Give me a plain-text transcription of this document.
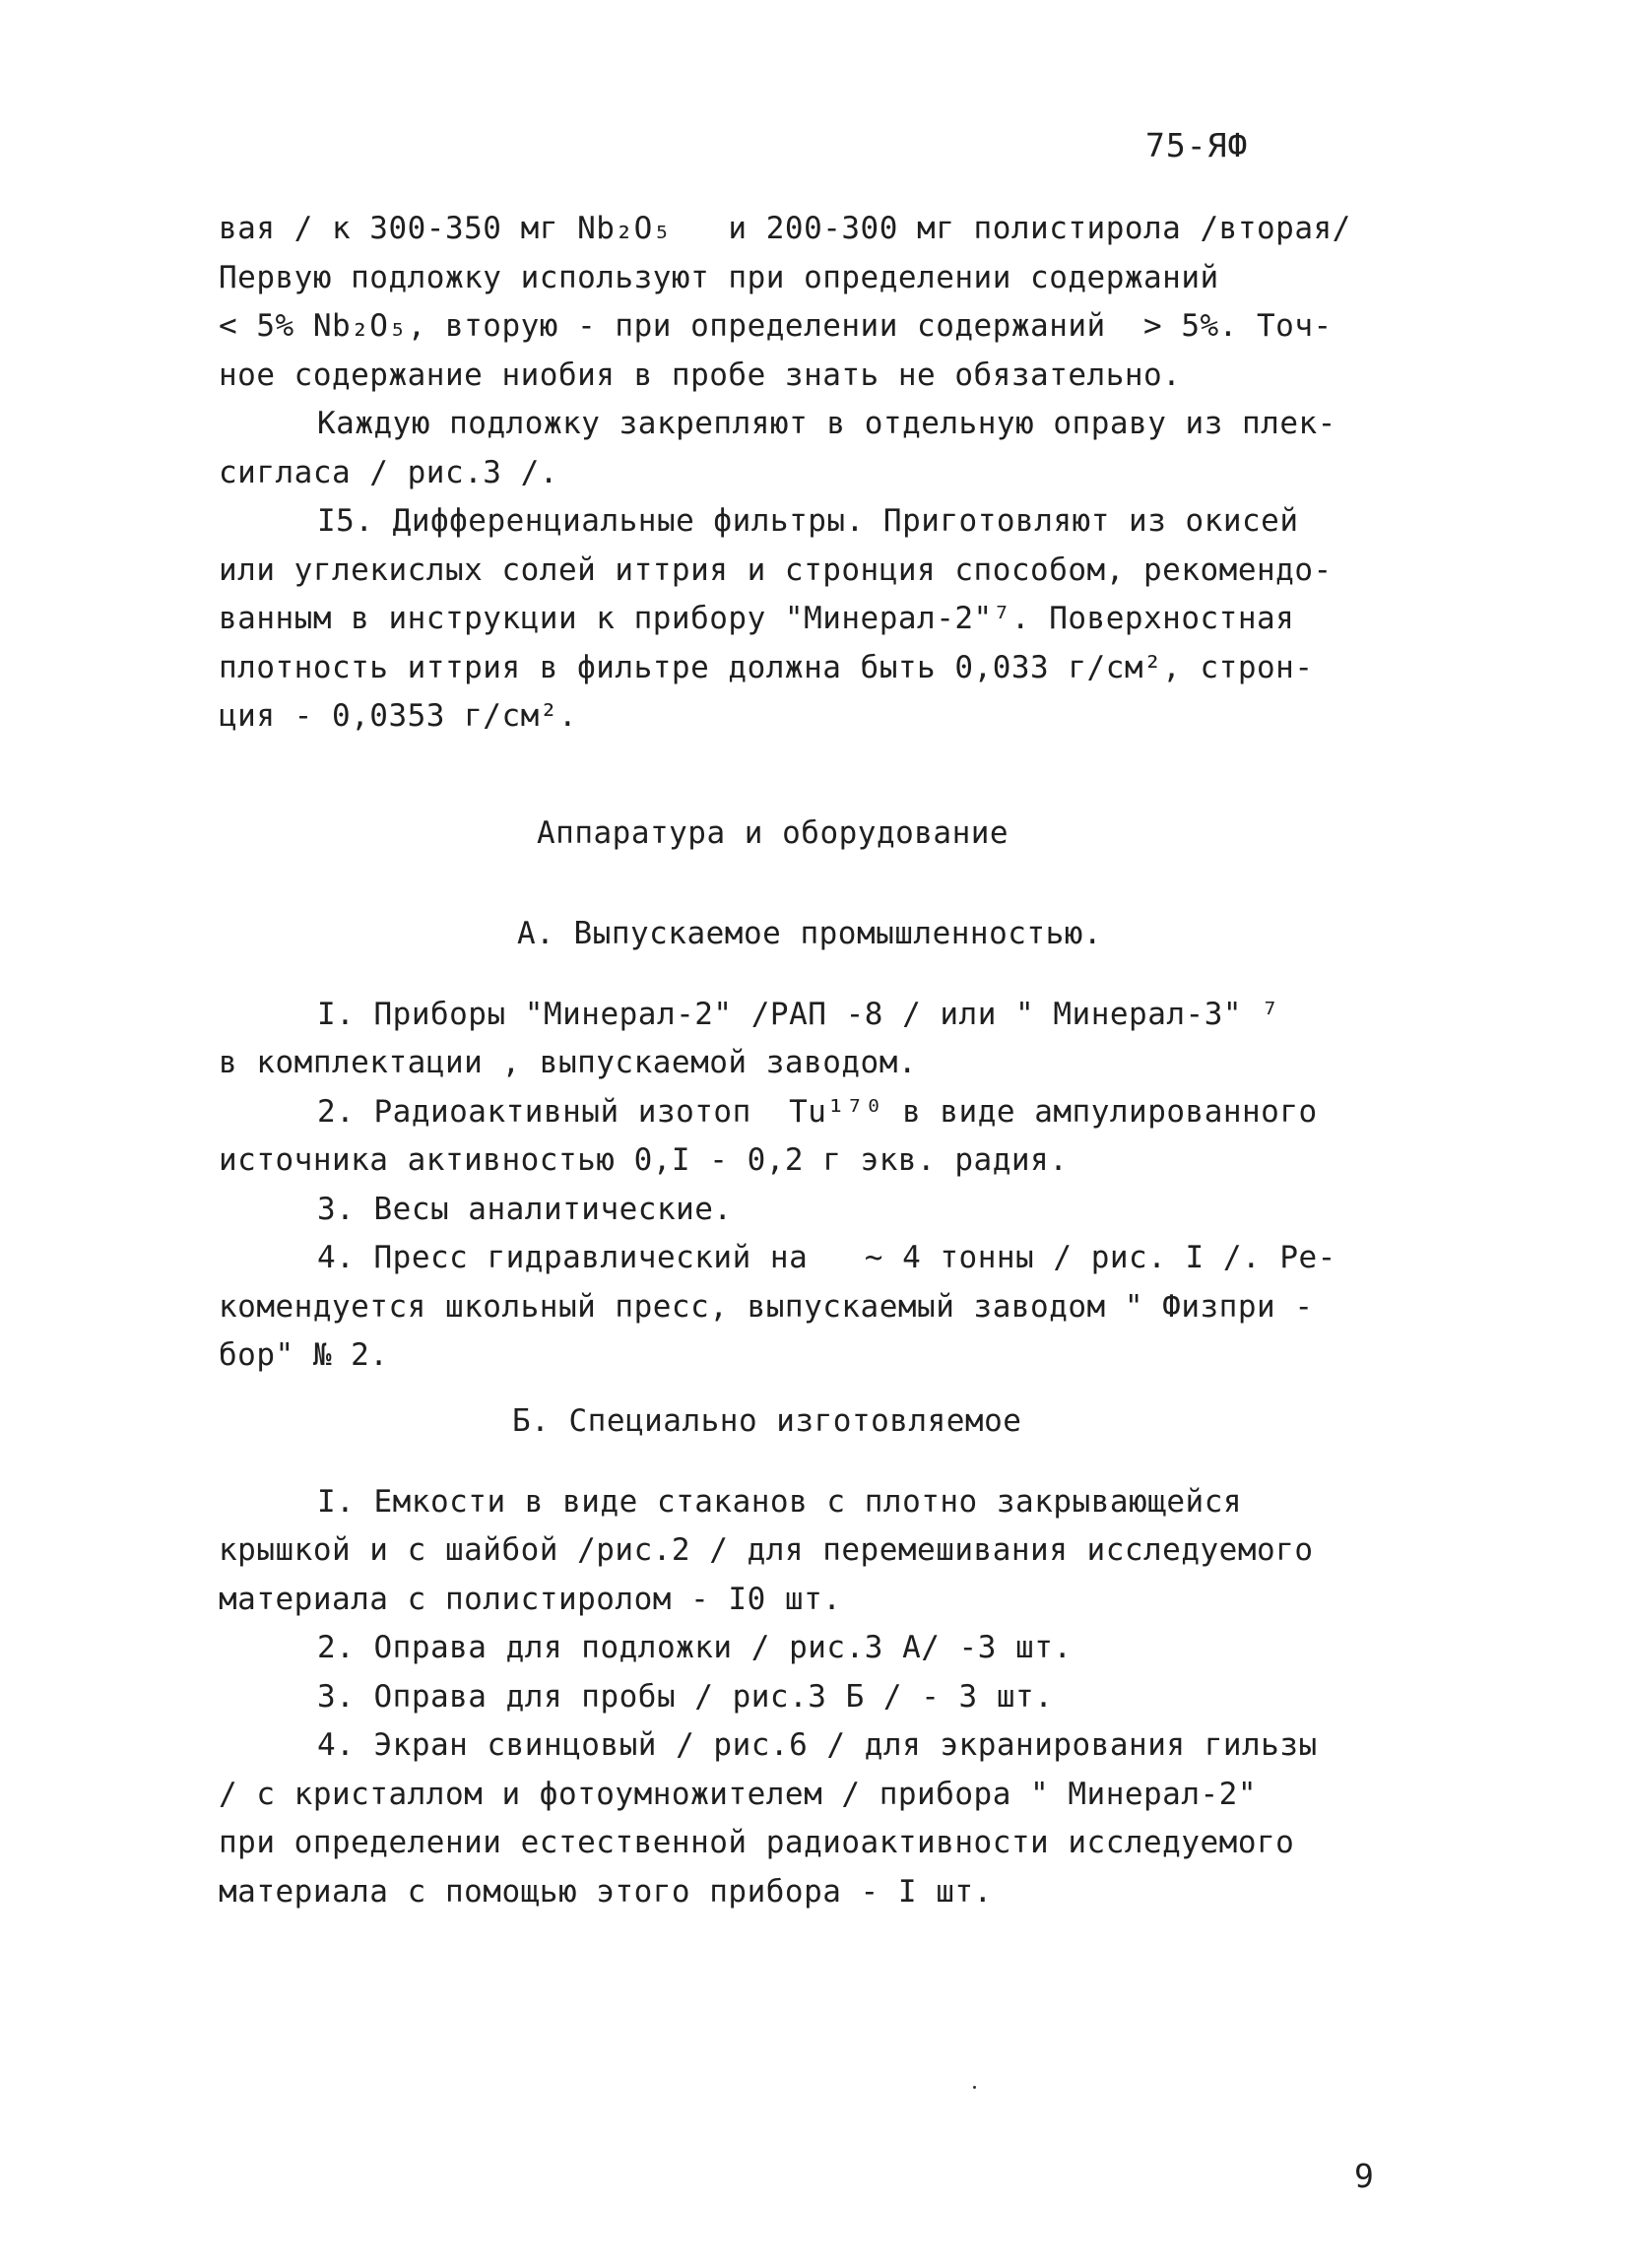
75-ЯФ
вая / к 300-350 мг Nb₂O₅   и 200-300 мг полистирола /вторая/
Первую подложку используют при определении содержаний
< 5% Nb₂O₅, вторую - при определении содержаний  > 5%. Точ-
ное содержание ниобия в пробе знать не обязательно.
Каждую подложку закрепляют в отдельную оправу из плек-
сигласа / рис.3 /.
I5. Дифференциальные фильтры. Приготовляют из окисей
или углекислых солей иттрия и стронция способом, рекомендо-
ванным в инструкции к прибору "Минерал-2"⁷. Поверхностная
плотность иттрия в фильтре должна быть 0,033 г/см², строн-
ция - 0,0353 г/см².
Аппаратура и оборудование
А. Выпускаемое промышленностью.
I. Приборы "Минерал-2" /РАП -8 / или " Минерал-3" ⁷
в комплектации , выпускаемой заводом.
2. Радиоактивный изотоп  Tu¹⁷⁰ в виде ампулированного
источника активностью 0,I - 0,2 г экв. радия.
3. Весы аналитические.
4. Пресс гидравлический на   ~ 4 тонны / рис. I /. Ре-
комендуется школьный пресс, выпускаемый заводом " Физпри -
бор" № 2.
Б. Специально изготовляемое
I. Емкости в виде стаканов с плотно закрывающейся
крышкой и с шайбой /рис.2 / для перемешивания исследуемого
материала с полистиролом - I0 шт.
2. Оправа для подложки / рис.3 А/ -3 шт.
3. Оправа для пробы / рис.3 Б / - 3 шт.
4. Экран свинцовый / рис.6 / для экранирования гильзы
/ с кристаллом и фотоумножителем / прибора " Минерал-2"
при определении естественной радиоактивности исследуемого
материала с помощью этого прибора - I шт.
9
